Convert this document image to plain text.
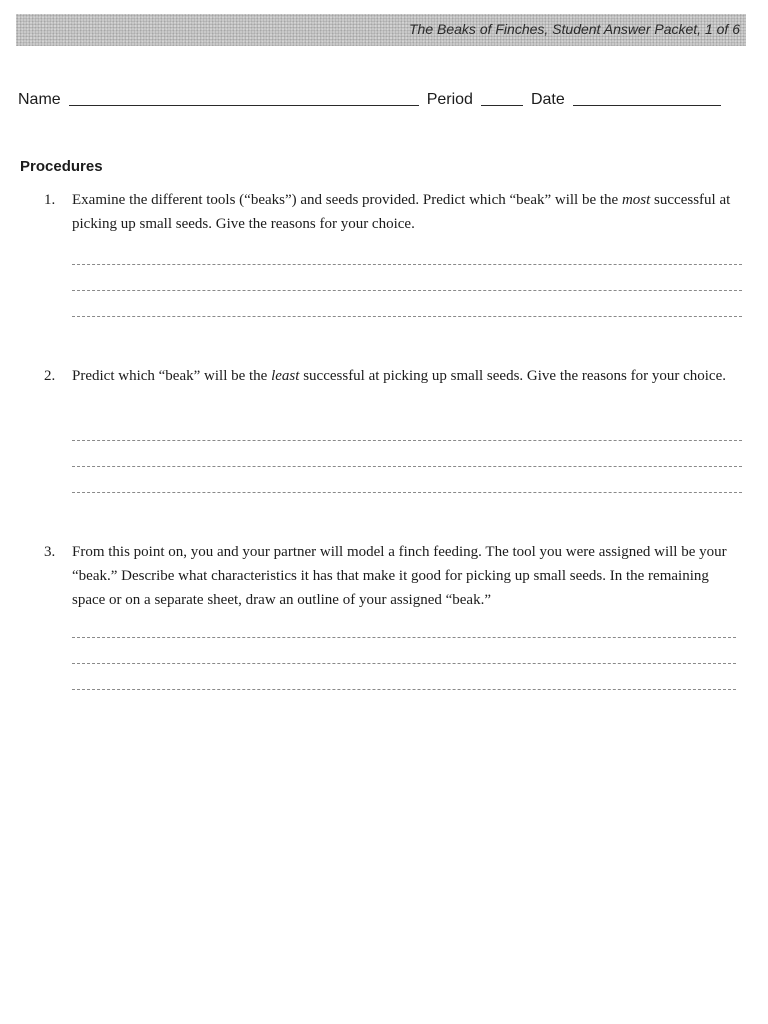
The Beaks of Finches, Student Answer Packet, 1 of 6
Name	Period	Date
Procedures
1. Examine the different tools (“beaks”) and seeds provided. Predict which “beak” will be the most successful at picking up small seeds. Give the reasons for your choice.
2. Predict which “beak” will be the least successful at picking up small seeds. Give the reasons for your choice.
3. From this point on, you and your partner will model a finch feeding. The tool you were assigned will be your “beak.” Describe what characteristics it has that make it good for picking up small seeds. In the remaining space or on a separate sheet, draw an outline of your assigned “beak.”
